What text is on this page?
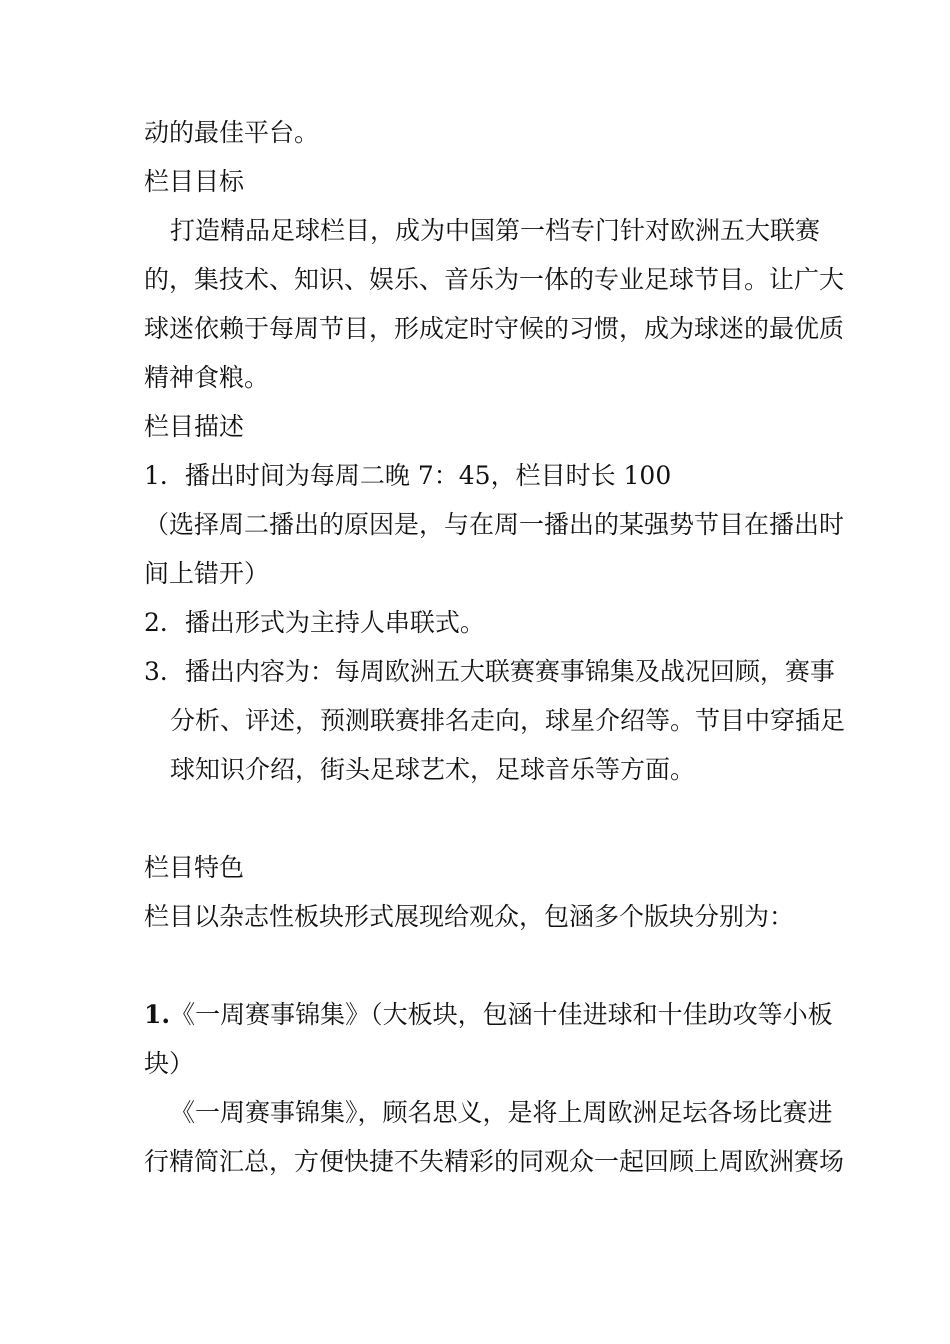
动的最佳平台。

栏目目标

打造精品足球栏目，成为中国第一档专门针对欧洲五大联赛

的，集技术、知识、娱乐、音乐为一体的专业足球节目。让广大

球迷依赖于每周节目，形成定时守候的习惯，成为球迷的最优质

精神食粮。

栏目描述

1．播出时间为每周二晚 7：45，栏目时长 100

（选择周二播出的原因是，与在周一播出的某强势节目在播出时

间上错开）

2．播出形式为主持人串联式。

3．播出内容为：每周欧洲五大联赛赛事锦集及战况回顾，赛事

分析、评述，预测联赛排名走向，球星介绍等。节目中穿插足

球知识介绍，街头足球艺术，足球音乐等方面。

栏目特色

栏目以杂志性板块形式展现给观众，包涵多个版块分别为：

1.《一周赛事锦集》（大板块，包涵十佳进球和十佳助攻等小板

块）

《一周赛事锦集》，顾名思义，是将上周欧洲足坛各场比赛进

行精简汇总，方便快捷不失精彩的同观众一起回顾上周欧洲赛场
